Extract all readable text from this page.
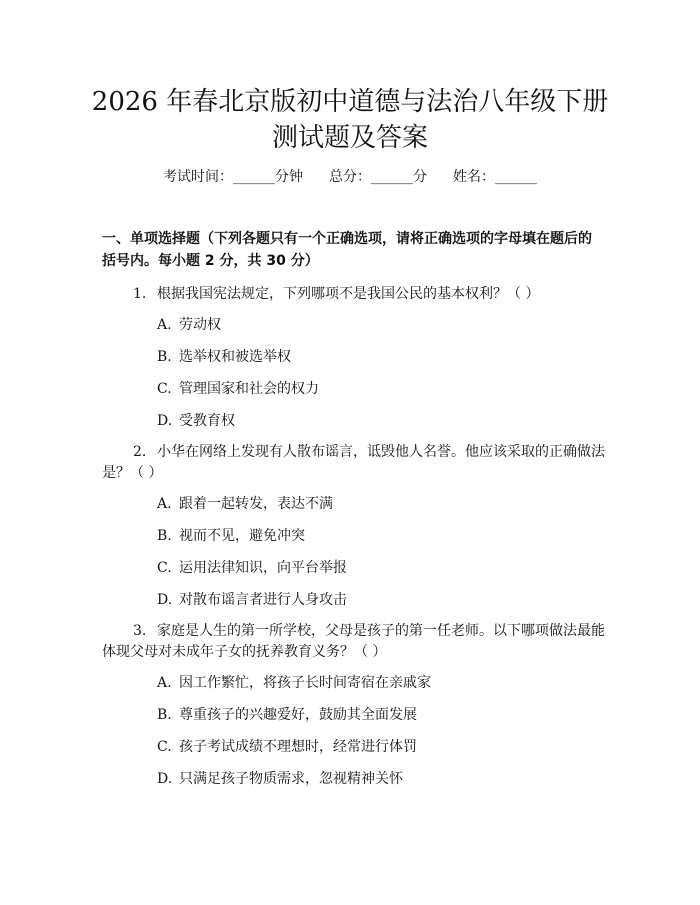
2026 年春北京版初中道德与法治八年级下册
测试题及答案
考试时间：______分钟 总分：______分 姓名：______
一、单项选择题（下列各题只有一个正确选项，请将正确选项的字母填在题后的
括号内。每小题 2 分，共 30 分）
1. 根据我国宪法规定，下列哪项不是我国公民的基本权利？（ ）
A. 劳动权
B. 选举权和被选举权
C. 管理国家和社会的权力
D. 受教育权
2. 小华在网络上发现有人散布谣言，诋毁他人名誉。他应该采取的正确做法
是？（ ）
A. 跟着一起转发，表达不满
B. 视而不见，避免冲突
C. 运用法律知识，向平台举报
D. 对散布谣言者进行人身攻击
3. 家庭是人生的第一所学校，父母是孩子的第一任老师。以下哪项做法最能
体现父母对未成年子女的抚养教育义务？（ ）
A. 因工作繁忙，将孩子长时间寄宿在亲戚家
B. 尊重孩子的兴趣爱好，鼓励其全面发展
C. 孩子考试成绩不理想时，经常进行体罚
D. 只满足孩子物质需求，忽视精神关怀
